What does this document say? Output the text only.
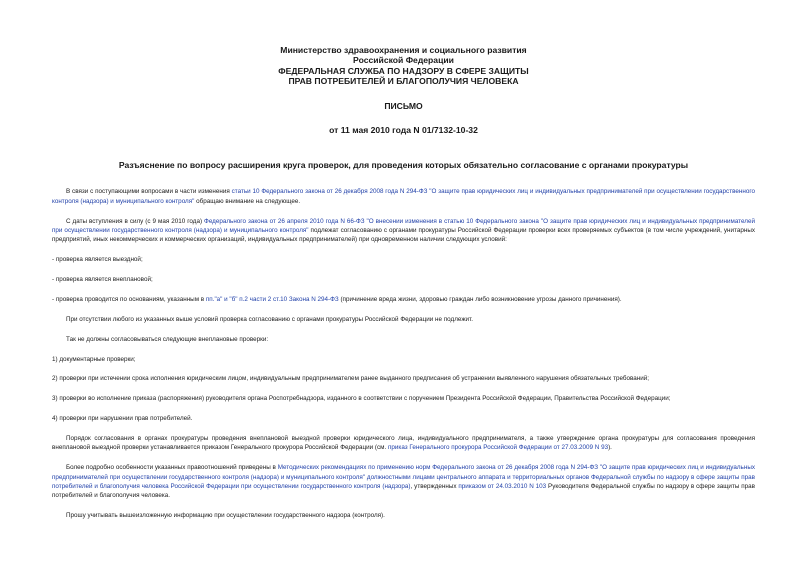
Министерство здравоохранения и социального развития
Российской Федерации
ФЕДЕРАЛЬНАЯ СЛУЖБА ПО НАДЗОРУ В СФЕРЕ ЗАЩИТЫ
ПРАВ ПОТРЕБИТЕЛЕЙ И БЛАГОПОЛУЧИЯ ЧЕЛОВЕКА
ПИСЬМО
от 11 мая 2010 года N 01/7132-10-32
Разъяснение по вопросу расширения круга проверок, для проведения которых обязательно согласование с органами прокуратуры

В связи с поступающими вопросами в части изменения статьи 10 Федерального закона от 26 декабря 2008 года N 294-ФЗ "О защите прав юридических лиц и индивидуальных предпринимателей при осуществлении государственного контроля (надзора) и муниципального контроля" обращаю внимание на следующее.

С даты вступления в силу (с 9 мая 2010 года) Федерального закона от 26 апреля 2010 года N 66-ФЗ "О внесении изменения в статью 10 Федерального закона "О защите прав юридических лиц и индивидуальных предпринимателей при осуществлении государственного контроля (надзора) и муниципального контроля" подлежат согласованию с органами прокуратуры Российской Федерации проверки всех проверяемых субъектов (в том числе учреждений, унитарных предприятий, иных некоммерческих и коммерческих организаций, индивидуальных предпринимателей) при одновременном наличии следующих условий:

- проверка является выездной;
- проверка является внеплановой;
- проверка проводится по основаниям, указанным в пп."а" и "б" п.2 части 2 ст.10 Закона N 294-ФЗ (причинение вреда жизни, здоровью граждан либо возникновение угрозы данного причинения).

При отсутствии любого из указанных выше условий проверка согласованию с органами прокуратуры Российской Федерации не подлежит.

Так не должны согласовываться следующие внеплановые проверки:

1) документарные проверки;
2) проверки при истечении срока исполнения юридическим лицом, индивидуальным предпринимателем ранее выданного предписания об устранении выявленного нарушения обязательных требований;
3) проверки во исполнение приказа (распоряжения) руководителя органа Роспотребнадзора, изданного в соответствии с поручением Президента Российской Федерации, Правительства Российской Федерации;
4) проверки при нарушении прав потребителей.

Порядок согласования в органах прокуратуры проведения внеплановой выездной проверки юридического лица, индивидуального предпринимателя, а также утверждение органа прокуратуры для согласования проведения внеплановой выездной проверки устанавливается приказом Генерального прокурора Российской Федерации (см. приказ Генерального прокурора Российской Федерации от 27.03.2009 N 93).

Более подробно особенности указанных правоотношений приведены в Методических рекомендациях по применению норм Федерального закона от 26 декабря 2008 года N 294-ФЗ "О защите прав юридических лиц и индивидуальных предпринимателей при осуществлении государственного контроля (надзора) и муниципального контроля" должностными лицами центрального аппарата и территориальных органов Федеральной службы по надзору в сфере защиты прав потребителей и благополучия человека Российской Федерации при осуществлении государственного контроля (надзора), утвержденных приказом от 24.03.2010 N 103 Руководителя Федеральной службы по надзору в сфере защиты прав потребителей и благополучия человека.

Прошу учитывать вышеизложенную информацию при осуществлении государственного надзора (контроля).
